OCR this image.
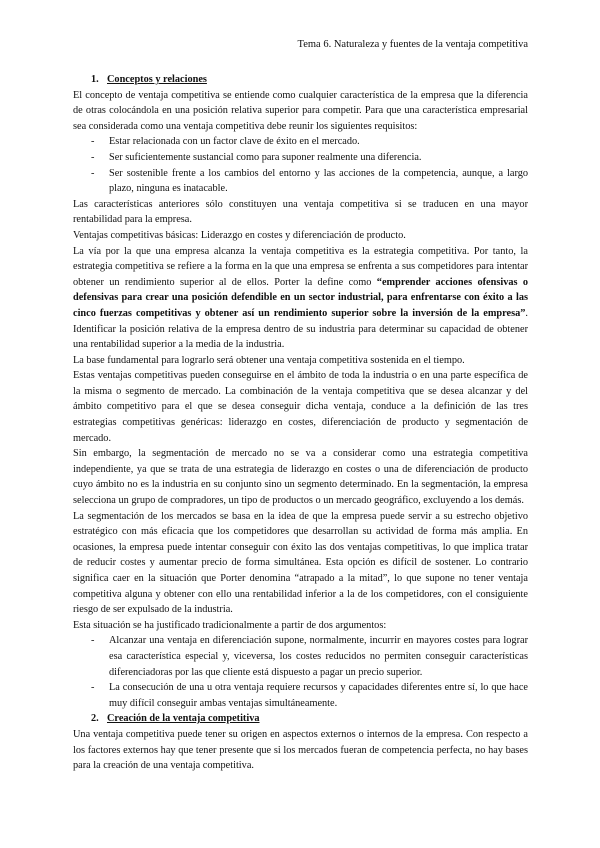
Tema 6. Naturaleza y fuentes de la ventaja competitiva

1. Conceptos y relaciones

El concepto de ventaja competitiva se entiende como cualquier característica de la empresa que la diferencia de otras colocándola en una posición relativa superior para competir. Para que una característica empresarial sea considerada como una ventaja competitiva debe reunir los siguientes requisitos:

- Estar relacionada con un factor clave de éxito en el mercado.
- Ser suficientemente sustancial como para suponer realmente una diferencia.
- Ser sostenible frente a los cambios del entorno y las acciones de la competencia, aunque, a largo plazo, ninguna es inatacable.

Las características anteriores sólo constituyen una ventaja competitiva si se traducen en una mayor rentabilidad para la empresa.

Ventajas competitivas básicas: Liderazgo en costes y diferenciación de producto.

La vía por la que una empresa alcanza la ventaja competitiva es la estrategia competitiva. Por tanto, la estrategia competitiva se refiere a la forma en la que una empresa se enfrenta a sus competidores para intentar obtener un rendimiento superior al de ellos. Porter la define como “emprender acciones ofensivas o defensivas para crear una posición defendible en un sector industrial, para enfrentarse con éxito a las cinco fuerzas competitivas y obtener así un rendimiento superior sobre la inversión de la empresa”. Identificar la posición relativa de la empresa dentro de su industria para determinar su capacidad de obtener una rentabilidad superior a la media de la industria.

La base fundamental para lograrlo será obtener una ventaja competitiva sostenida en el tiempo.

Estas ventajas competitivas pueden conseguirse en el ámbito de toda la industria o en una parte específica de la misma o segmento de mercado. La combinación de la ventaja competitiva que se desea alcanzar y del ámbito competitivo para el que se desea conseguir dicha ventaja, conduce a la definición de las tres estrategias competitivas genéricas: liderazgo en costes, diferenciación de producto y segmentación de mercado.

Sin embargo, la segmentación de mercado no se va a considerar como una estrategia competitiva independiente, ya que se trata de una estrategia de liderazgo en costes o una de diferenciación de producto cuyo ámbito no es la industria en su conjunto sino un segmento determinado. En la segmentación, la empresa selecciona un grupo de compradores, un tipo de productos o un mercado geográfico, excluyendo a los demás.

La segmentación de los mercados se basa en la idea de que la empresa puede servir a su estrecho objetivo estratégico con más eficacia que los competidores que desarrollan su actividad de forma más amplia. En ocasiones, la empresa puede intentar conseguir con éxito las dos ventajas competitivas, lo que implica tratar de reducir costes y aumentar precio de forma simultánea. Esta opción es difícil de sostener. Lo contrario significa caer en la situación que Porter denomina “atrapado a la mitad”, lo que supone no tener ventaja competitiva alguna y obtener con ello una rentabilidad inferior a la de los competidores, con el consiguiente riesgo de ser expulsado de la industria.

Esta situación se ha justificado tradicionalmente a partir de dos argumentos:

- Alcanzar una ventaja en diferenciación supone, normalmente, incurrir en mayores costes para lograr esa característica especial y, viceversa, los costes reducidos no permiten conseguir características diferenciadoras por las que cliente está dispuesto a pagar un precio superior.
- La consecución de una u otra ventaja requiere recursos y capacidades diferentes entre sí, lo que hace muy difícil conseguir ambas ventajas simultáneamente.

2. Creación de la ventaja competitiva

Una ventaja competitiva puede tener su origen en aspectos externos o internos de la empresa. Con respecto a los factores externos hay que tener presente que si los mercados fueran de competencia perfecta, no hay bases para la creación de una ventaja competitiva.
